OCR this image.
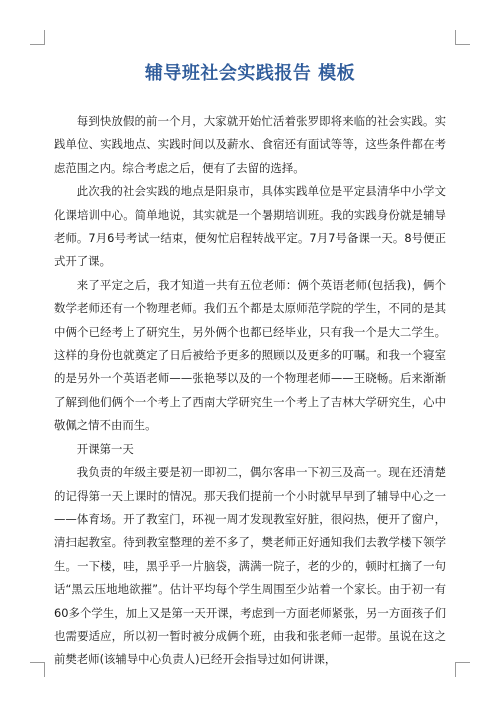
辅导班社会实践报告 模板

每到快放假的前一个月，大家就开始忙活着张罗即将来临的社会实践。实践单位、实践地点、实践时间以及薪水、食宿还有面试等等，这些条件都在考虑范围之内。综合考虑之后，便有了去留的选择。

此次我的社会实践的地点是阳泉市，具体实践单位是平定县清华中小学文化课培训中心。简单地说，其实就是一个暑期培训班。我的实践身份就是辅导老师。7月6号考试一结束，便匆忙启程转战平定。7月7号备课一天。8号便正式开了课。

来了平定之后，我才知道一共有五位老师：俩个英语老师(包括我)，俩个数学老师还有一个物理老师。我们五个都是太原师范学院的学生，不同的是其中俩个已经考上了研究生，另外俩个也都已经毕业，只有我一个是大二学生。这样的身份也就奠定了日后被给予更多的照顾以及更多的叮嘱。和我一个寝室的是另外一个英语老师——张艳琴以及的一个物理老师——王晓畅。后来渐渐了解到他们俩个一个考上了西南大学研究生一个考上了吉林大学研究生，心中敬佩之情不由而生。

开课第一天

我负责的年级主要是初一即初二，偶尔客串一下初三及高一。现在还清楚的记得第一天上课时的情况。那天我们提前一个小时就早早到了辅导中心之一——体育场。开了教室门，环视一周才发现教室好脏，很闷热，便开了窗户，清扫起教室。待到教室整理的差不多了，樊老师正好通知我们去教学楼下领学生。一下楼，哇，黑乎乎一片脑袋，满满一院子，老的少的，顿时杠摘了一句话“黑云压地地欲摧”。估计平均每个学生周围至少站着一个家长。由于初一有60多个学生，加上又是第一天开课，考虑到一方面老师紧张，另一方面孩子们也需要适应，所以初一暂时被分成俩个班，由我和张老师一起带。虽说在这之前樊老师(该辅导中心负责人)已经开会指导过如何讲课，
